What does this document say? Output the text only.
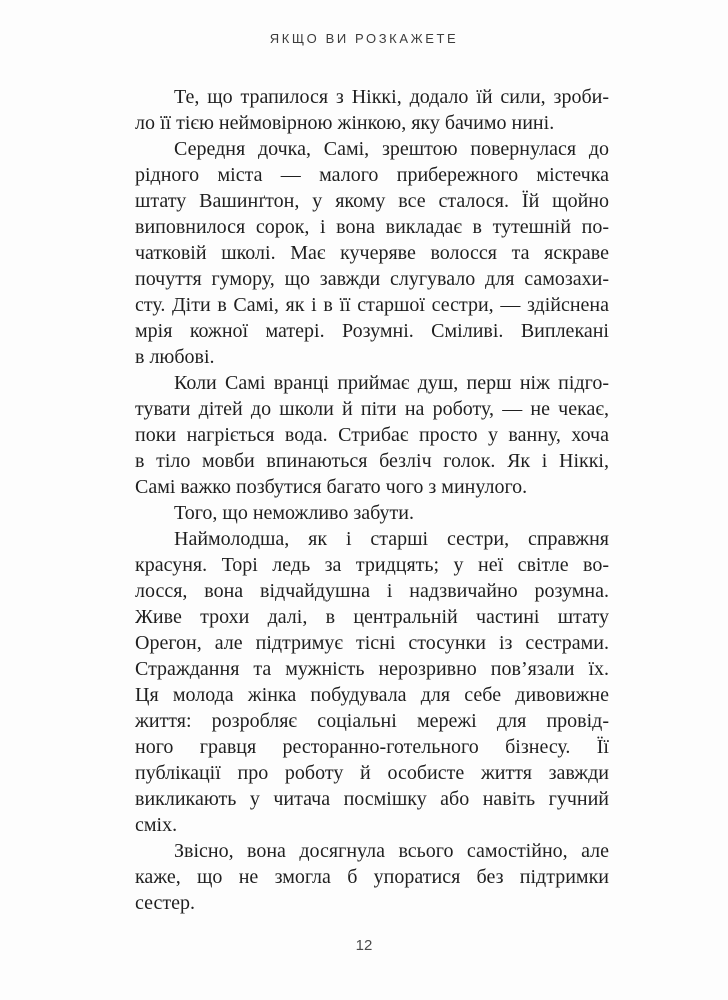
ЯКЩО ВИ РОЗКАЖЕТЕ

Те, що трапилося з Ніккі, додало їй сили, зроби-
ло її тією неймовірною жінкою, яку бачимо нині.

Середня дочка, Самі, зрештою повернулася до
рідного міста — малого прибережного містечка
штату Вашинґтон, у якому все сталося. Їй щойно
виповнилося сорок, і вона викладає в тутешній по-
чатковій школі. Має кучеряве волосся та яскраве
почуття гумору, що завжди слугувало для самозахи-
сту. Діти в Самі, як і в її старшої сестри, — здійснена
мрія кожної матері. Розумні. Сміливі. Виплекані
в любові.

Коли Самі вранці приймає душ, перш ніж підго-
тувати дітей до школи й піти на роботу, — не чекає,
поки нагріється вода. Стрибає просто у ванну, хоча
в тіло мовби впинаються безліч голок. Як і Ніккі,
Самі важко позбутися багато чого з минулого.

Того, що неможливо забути.

Наймолодша, як і старші сестри, справжня
красуня. Торі ледь за тридцять; у неї світле во-
лосся, вона відчайдушна і надзвичайно розумна.
Живе трохи далі, в центральній частині штату
Орегон, але підтримує тісні стосунки із сестрами.
Страждання та мужність нерозривно пов’язали їх.
Ця молода жінка побудувала для себе дивовижне
життя: розробляє соціальні мережі для провід-
ного гравця ресторанно-готельного бізнесу. Її
публікації про роботу й особисте життя завжди
викликають у читача посмішку або навіть гучний
сміх.

Звісно, вона досягнула всього самостійно, але
каже, що не змогла б упоратися без підтримки
сестер.

12
